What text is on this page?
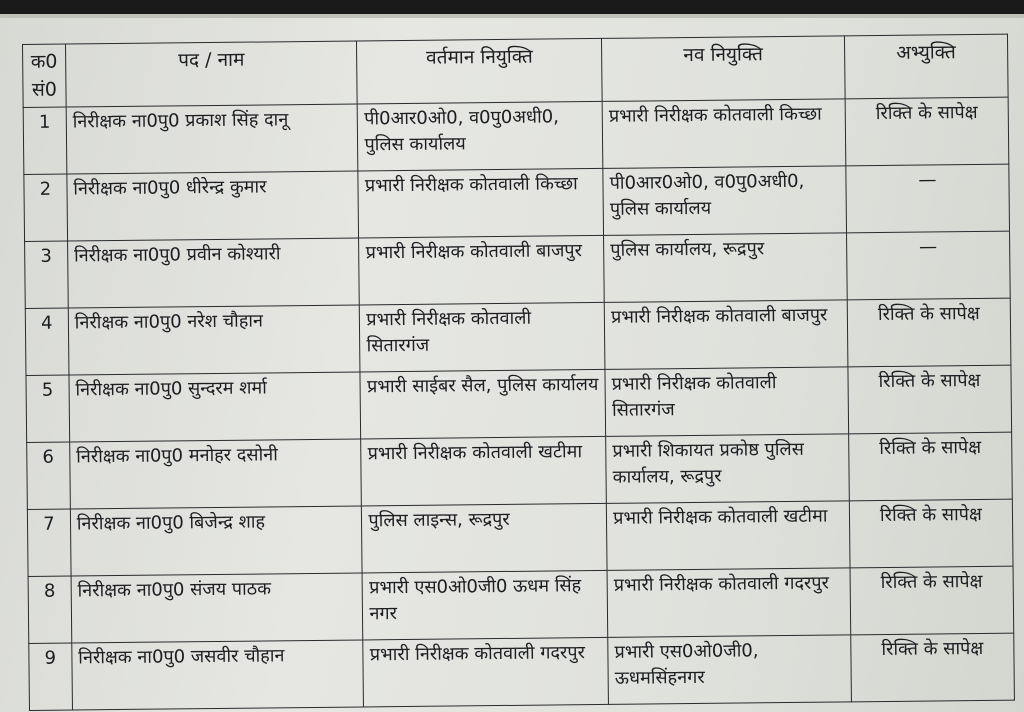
क0 सं0	पद / नाम	वर्तमान नियुक्ति	नव नियुक्ति	अभ्युक्ति
1	निरीक्षक ना0पु0 प्रकाश सिंह दानू	पी0आर0ओ0, व0पु0अधी0, पुलिस कार्यालय	प्रभारी निरीक्षक कोतवाली किच्छा	रिक्ति के सापेक्ष
2	निरीक्षक ना0पु0 धीरेन्द्र कुमार	प्रभारी निरीक्षक कोतवाली किच्छा	पी0आर0ओ0, व0पु0अधी0, पुलिस कार्यालय	—
3	निरीक्षक ना0पु0 प्रवीन कोश्यारी	प्रभारी निरीक्षक कोतवाली बाजपुर	पुलिस कार्यालय, रूद्रपुर	—
4	निरीक्षक ना0पु0 नरेश चौहान	प्रभारी निरीक्षक कोतवाली सितारगंज	प्रभारी निरीक्षक कोतवाली बाजपुर	रिक्ति के सापेक्ष
5	निरीक्षक ना0पु0 सुन्दरम शर्मा	प्रभारी साईबर सैल, पुलिस कार्यालय	प्रभारी निरीक्षक कोतवाली सितारगंज	रिक्ति के सापेक्ष
6	निरीक्षक ना0पु0 मनोहर दसोनी	प्रभारी निरीक्षक कोतवाली खटीमा	प्रभारी शिकायत प्रकोष्ठ पुलिस कार्यालय, रूद्रपुर	रिक्ति के सापेक्ष
7	निरीक्षक ना0पु0 बिजेन्द्र शाह	पुलिस लाइन्स, रूद्रपुर	प्रभारी निरीक्षक कोतवाली खटीमा	रिक्ति के सापेक्ष
8	निरीक्षक ना0पु0 संजय पाठक	प्रभारी एस0ओ0जी0 ऊधम सिंह नगर	प्रभारी निरीक्षक कोतवाली गदरपुर	रिक्ति के सापेक्ष
9	निरीक्षक ना0पु0 जसवीर चौहान	प्रभारी निरीक्षक कोतवाली गदरपुर	प्रभारी एस0ओ0जी0, ऊधमसिंहनगर	रिक्ति के सापेक्ष
